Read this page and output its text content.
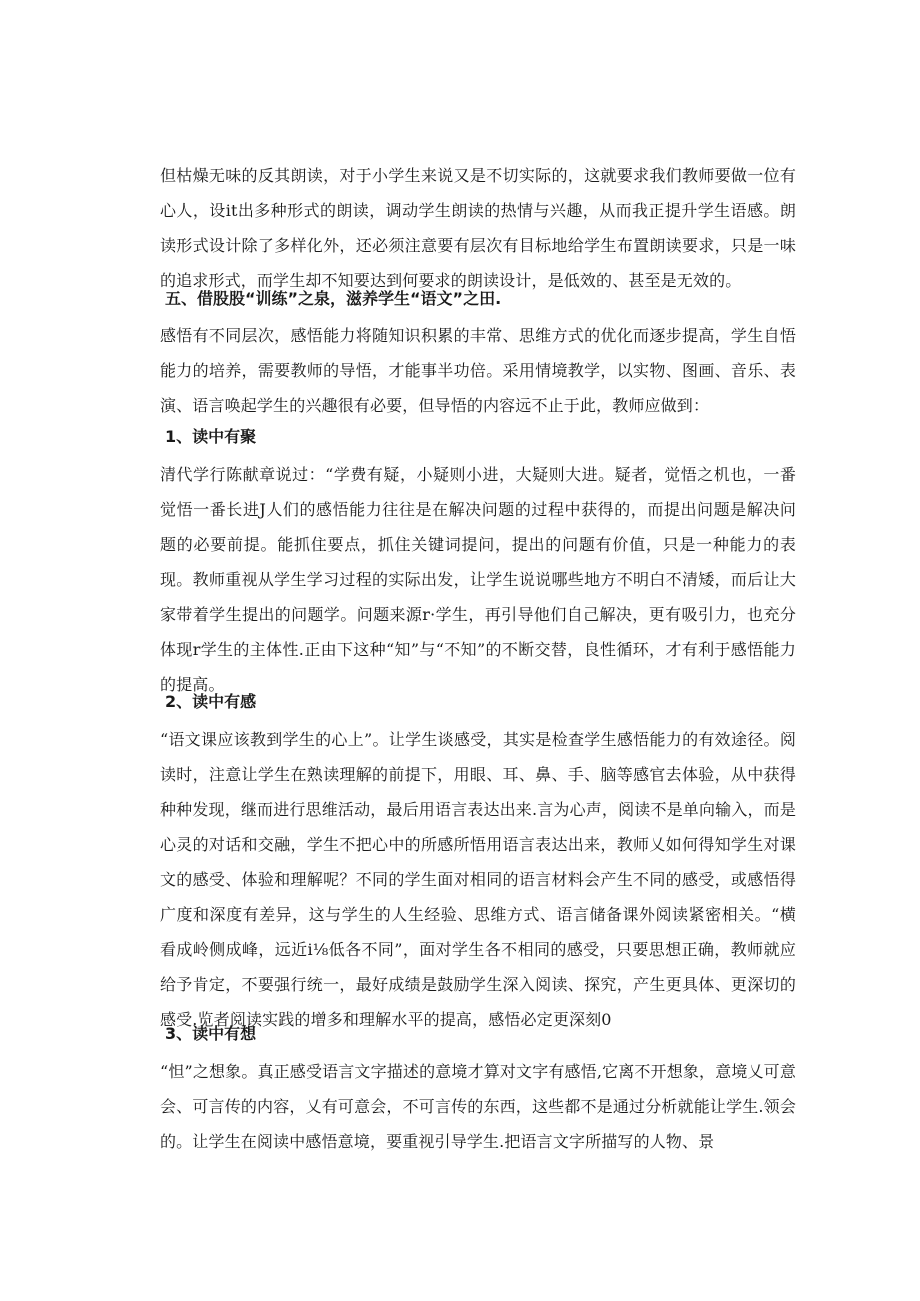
但枯燥无味的反其朗读，对于小学生来说又是不切实际的，这就要求我们教师要做一位有心人，设it出多种形式的朗读，调动学生朗读的热情与兴趣，从而我正提升学生语感。朗读形式设计除了多样化外，还必须注意要有层次有目标地给学生布置朗读要求，只是一味的追求形式，而学生却不知要达到何要求的朗读设计，是低效的、甚至是无效的。

五、借股股“训练”之泉，滋养学生“语文”之田.

感悟有不同层次，感悟能力将随知识积累的丰常、思维方式的优化而逐步提高，学生自悟能力的培养，需要教师的导悟，才能事半功倍。采用情境教学，以实物、图画、音乐、表演、语言唤起学生的兴趣很有必要，但导悟的内容远不止于此，教师应做到：

1、读中有聚

清代学行陈献章说过：“学费有疑，小疑则小进，大疑则大进。疑者，觉悟之机也，一番觉悟一番长进J人们的感悟能力往往是在解决问题的过程中获得的，而提出问题是解决问题的必要前提。能抓住要点，抓住关键词提问，提出的问题有价值，只是一种能力的表现。教师重视从学生学习过程的实际出发，让学生说说哪些地方不明白不清矮，而后让大家带着学生提出的问题学。问题来源r·学生，再引导他们自己解决，更有吸引力，也充分体现r学生的主体性.正由下这种“知”与“不知”的不断交替，良性循环，才有利于感悟能力的提高。

2、读中有感

“语文课应该教到学生的心上”。让学生谈感受，其实是检查学生感悟能力的有效途径。阅读时，注意让学生在熟读理解的前提下，用眼、耳、鼻、手、脑等感官去体验，从中获得种种发现，继而进行思维活动，最后用语言表达出来.言为心声，阅读不是单向输入，而是心灵的对话和交融，学生不把心中的所感所悟用语言表达出来，教师乂如何得知学生对课文的感受、体验和理解呢？不同的学生面对相同的语言材料会产生不同的感受，或感悟得广度和深度有差异，这与学生的人生经验、思维方式、语言储备课外阅读紧密相关。“横看成岭侧成峰，远近i⅛低各不同”，面对学生各不相同的感受，只要思想正确，教师就应给予肯定，不要强行统一，最好成绩是鼓励学生深入阅读、探究，产生更具体、更深切的感受.览者阅读实践的增多和理解水平的提高，感悟必定更深刻0

3、读中有想

“怛”之想象。真正感受语言文字描述的意境才算对文字有感悟,它离不开想象，意境乂可意会、可言传的内容，乂有可意会，不可言传的东西，这些都不是通过分析就能让学生.领会的。让学生在阅读中感悟意境，要重视引导学生.把语言文字所描写的人物、景
